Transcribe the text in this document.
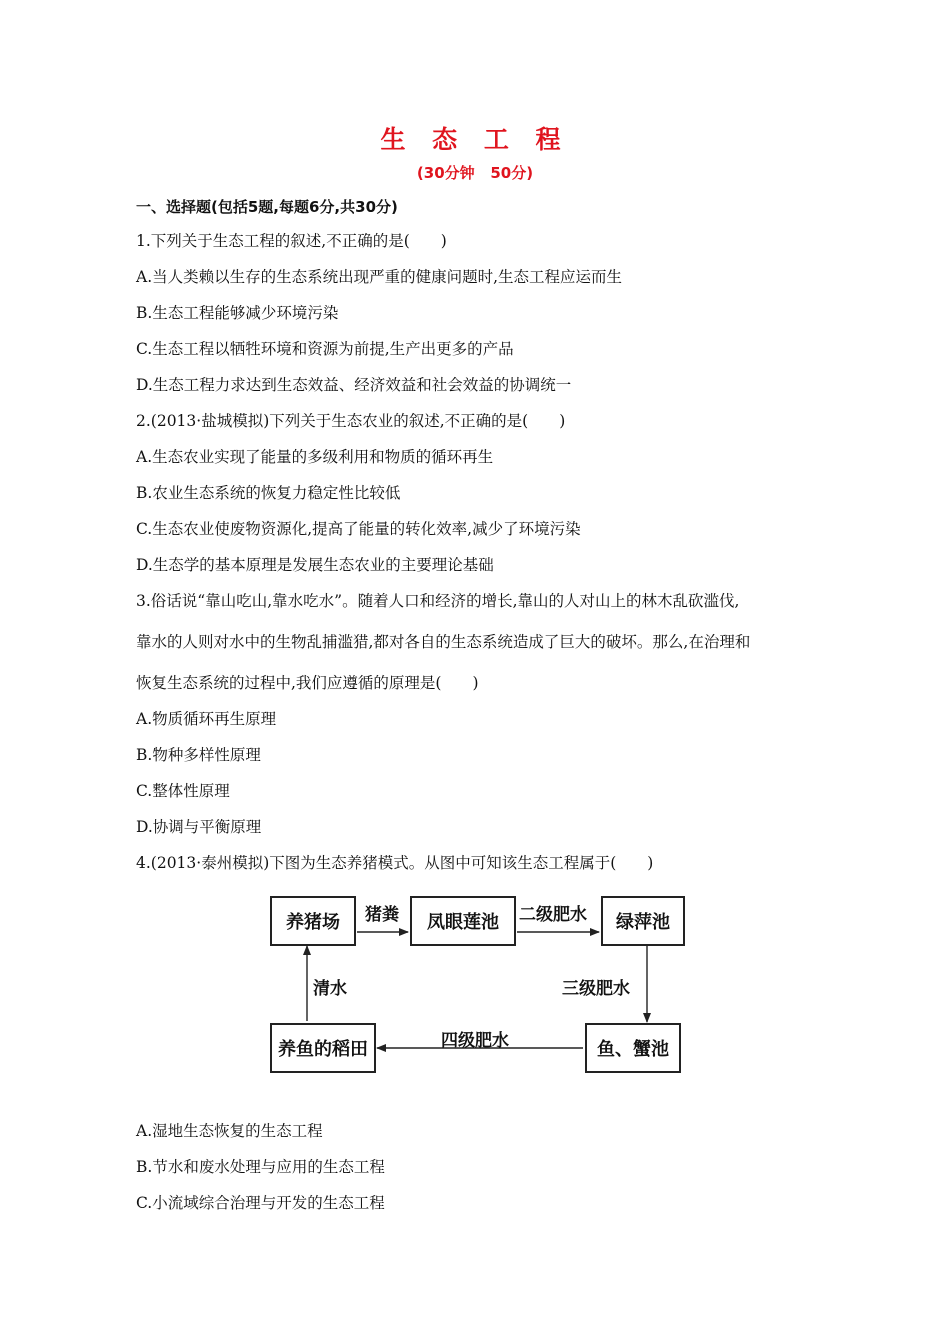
生 态 工 程
(30分钟   50分)
一、选择题(包括5题,每题6分,共30分)
1.下列关于生态工程的叙述,不正确的是(　　)
A.当人类赖以生存的生态系统出现严重的健康问题时,生态工程应运而生
B.生态工程能够减少环境污染
C.生态工程以牺牲环境和资源为前提,生产出更多的产品
D.生态工程力求达到生态效益、经济效益和社会效益的协调统一
2.(2013·盐城模拟)下列关于生态农业的叙述,不正确的是(　　)
A.生态农业实现了能量的多级利用和物质的循环再生
B.农业生态系统的恢复力稳定性比较低
C.生态农业使废物资源化,提高了能量的转化效率,减少了环境污染
D.生态学的基本原理是发展生态农业的主要理论基础
3.俗话说“靠山吃山,靠水吃水”。随着人口和经济的增长,靠山的人对山上的林木乱砍滥伐,
靠水的人则对水中的生物乱捕滥猎,都对各自的生态系统造成了巨大的破坏。那么,在治理和
恢复生态系统的过程中,我们应遵循的原理是(　　)
A.物质循环再生原理
B.物种多样性原理
C.整体性原理
D.协调与平衡原理
4.(2013·泰州模拟)下图为生态养猪模式。从图中可知该生态工程属于(　　)
养猪场	凤眼莲池	绿萍池
鱼、蟹池
养鱼的稻田
猪粪	二级肥水
三级肥水
四级肥水
清水
A.湿地生态恢复的生态工程
B.节水和废水处理与应用的生态工程
C.小流域综合治理与开发的生态工程
